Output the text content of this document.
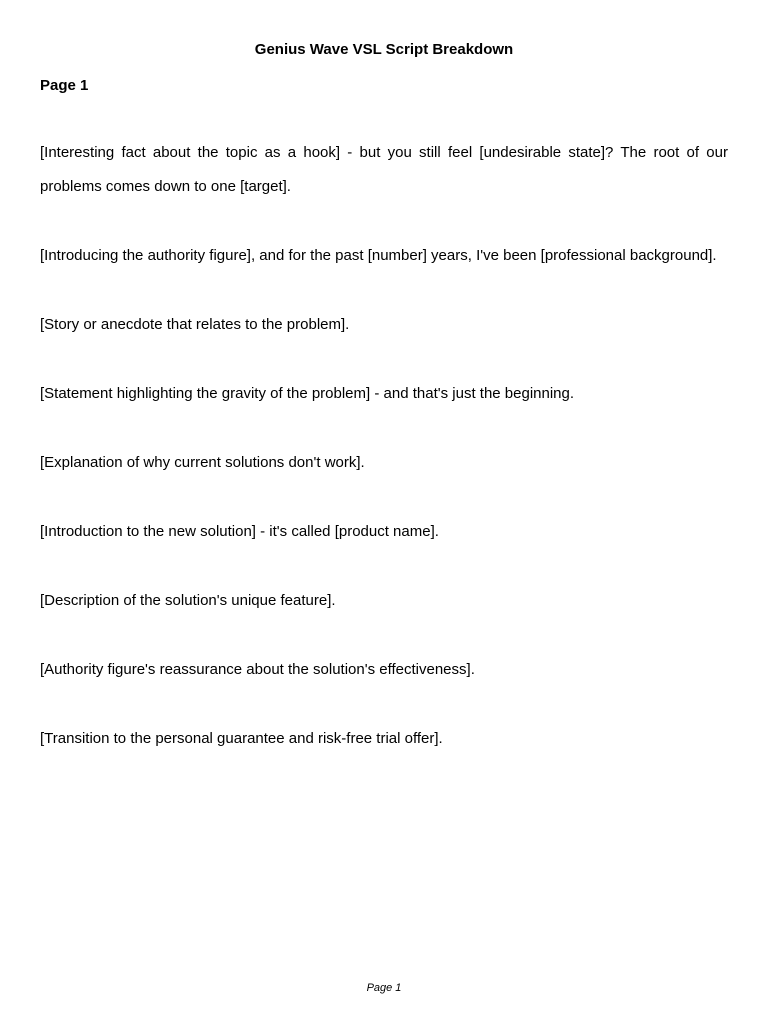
Genius Wave VSL Script Breakdown
Page 1

[Interesting fact about the topic as a hook] - but you still feel [undesirable state]? The root of our problems comes down to one [target].

[Introducing the authority figure], and for the past [number] years, I've been [professional background].

[Story or anecdote that relates to the problem].

[Statement highlighting the gravity of the problem] - and that's just the beginning.

[Explanation of why current solutions don't work].

[Introduction to the new solution] - it's called [product name].

[Description of the solution's unique feature].

[Authority figure's reassurance about the solution's effectiveness].

[Transition to the personal guarantee and risk-free trial offer].

Page 1
